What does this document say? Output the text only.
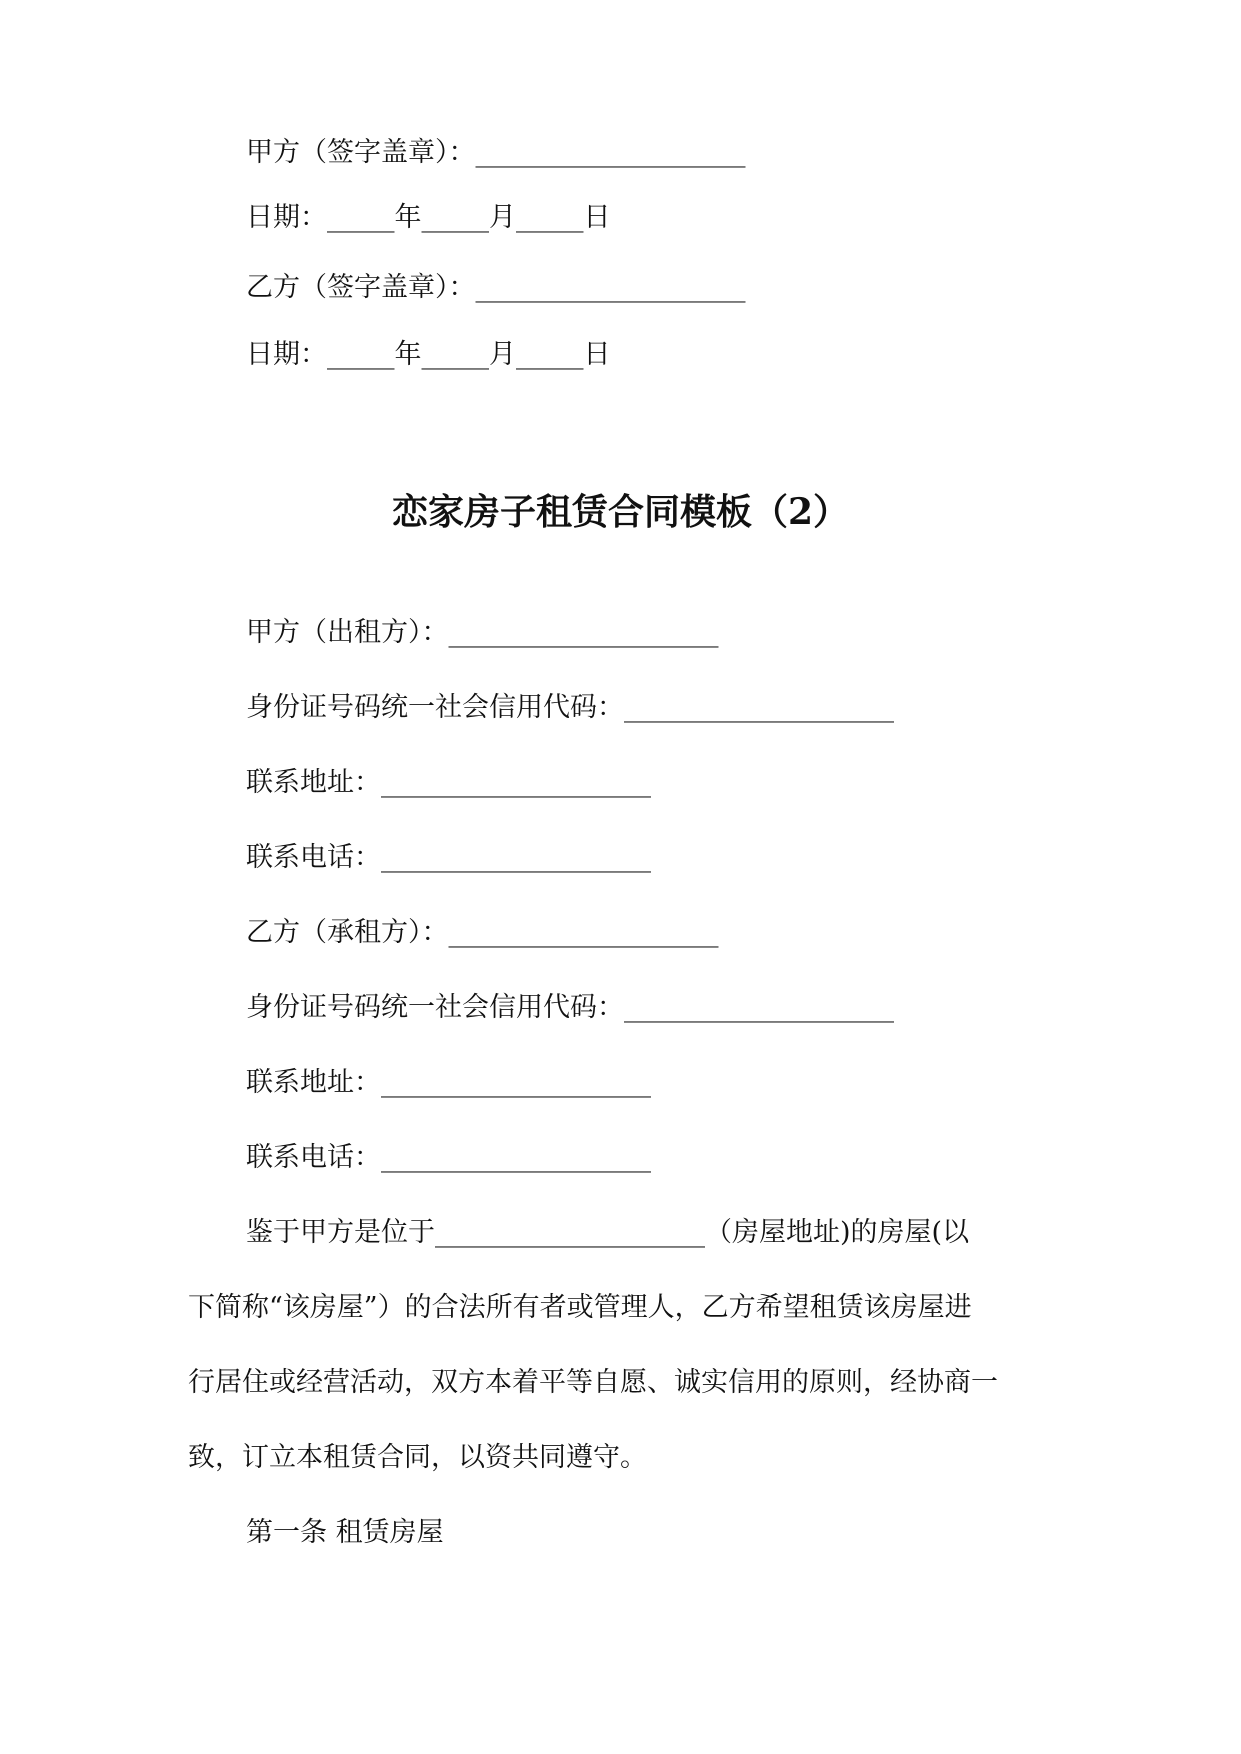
甲方（签字盖章）：____________________
日期：_____年_____月_____日
乙方（签字盖章）：____________________
日期：_____年_____月_____日
恋家房子租赁合同模板（2）
甲方（出租方）：____________________
身份证号码统一社会信用代码：____________________
联系地址：____________________
联系电话：____________________
乙方（承租方）：____________________
身份证号码统一社会信用代码：____________________
联系地址：____________________
联系电话：____________________
鉴于甲方是位于____________________（房屋地址)的房屋(以
下简称“该房屋”）的合法所有者或管理人，乙方希望租赁该房屋进
行居住或经营活动，双方本着平等自愿、诚实信用的原则，经协商一
致，订立本租赁合同，以资共同遵守。
第一条 租赁房屋
